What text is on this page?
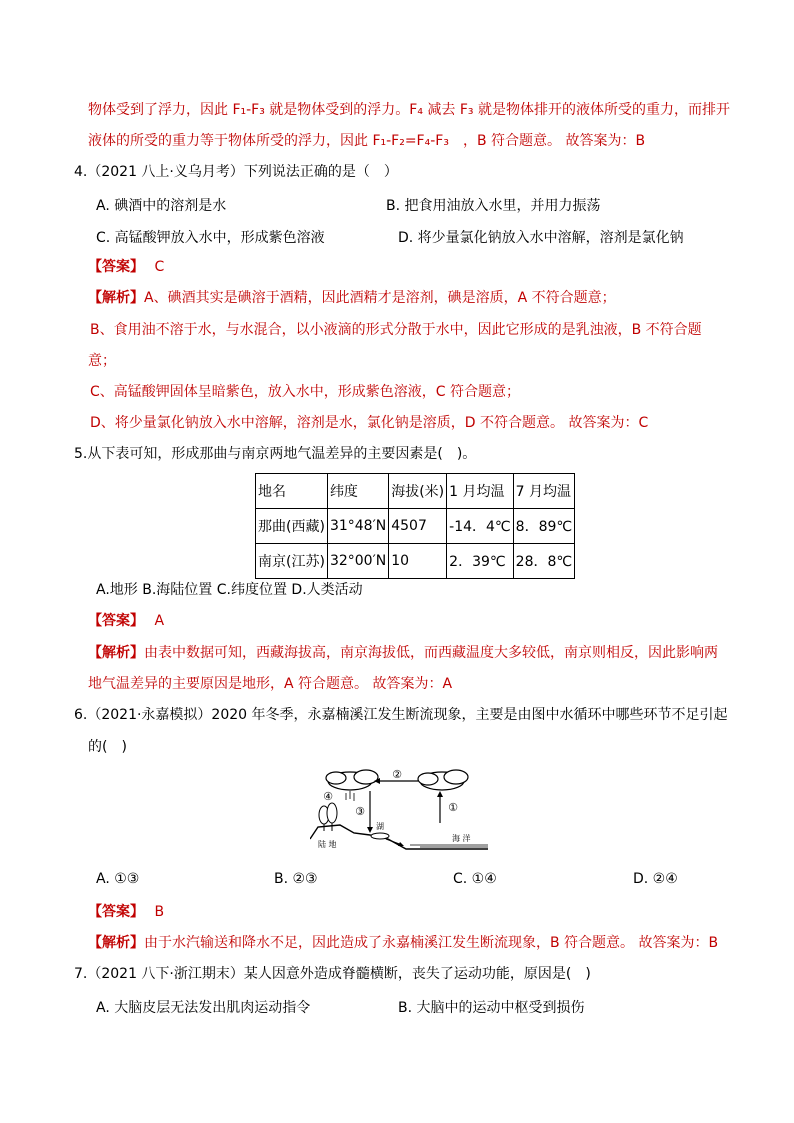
物体受到了浮力，因此 F₁-F₃ 就是物体受到的浮力。F₄ 减去 F₃ 就是物体排开的液体所受的重力，而排开
液体的所受的重力等于物体所受的浮力，因此 F₁-F₂=F₄-F₃　，B 符合题意。 故答案为：B
4.（2021 八上·义乌月考）下列说法正确的是（　）
A. 碘酒中的溶剂是水	B. 把食用油放入水里，并用力振荡
C. 高锰酸钾放入水中，形成紫色溶液	D. 将少量氯化钠放入水中溶解，溶剂是氯化钠
【答案】 C
【解析】A、碘酒其实是碘溶于酒精，因此酒精才是溶剂，碘是溶质，A 不符合题意；
B、食用油不溶于水，与水混合，以小液滴的形式分散于水中，因此它形成的是乳浊液，B 不符合题
意；
C、高锰酸钾固体呈暗紫色，放入水中，形成紫色溶液，C 符合题意；
D、将少量氯化钠放入水中溶解，溶剂是水，氯化钠是溶质，D 不符合题意。 故答案为：C
5.从下表可知，形成那曲与南京两地气温差异的主要因素是(　)。
地名	纬度	海拔(米)	1 月均温	7 月均温
那曲(西藏)	31°48′N	4507	-14．4℃	8．89℃
南京(江苏)	32°00′N	10	2．39℃	28．8℃
A.地形 B.海陆位置 C.纬度位置 D.人类活动
【答案】 A
【解析】由表中数据可知，西藏海拔高，南京海拔低，而西藏温度大多较低，南京则相反，因此影响两
地气温差异的主要原因是地形，A 符合题意。 故答案为：A
6.（2021·永嘉模拟）2020 年冬季，永嘉楠溪江发生断流现象，主要是由图中水循环中哪些环节不足引起
的(　)
②
①
③
④
湖
陆 地
海 洋
A. ①③	B. ②③	C. ①④	D. ②④
【答案】 B
【解析】由于水汽输送和降水不足，因此造成了永嘉楠溪江发生断流现象，B 符合题意。 故答案为：B
7.（2021 八下·浙江期末）某人因意外造成脊髓横断，丧失了运动功能，原因是(　)
A. 大脑皮层无法发出肌肉运动指令	B. 大脑中的运动中枢受到损伤
